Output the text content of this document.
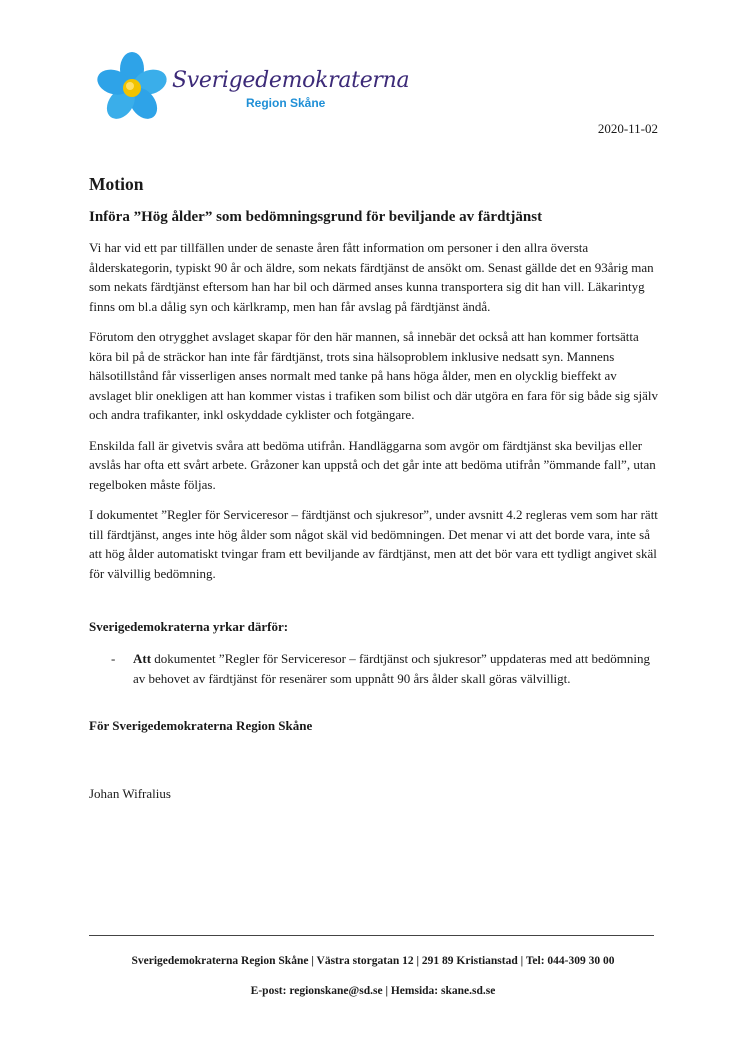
Sverigedemokraterna
Region Skåne
2020-11-02
Motion
Införa ”Hög ålder” som bedömningsgrund för beviljande av färdtjänst

Vi har vid ett par tillfällen under de senaste åren fått information om personer i den allra översta ålderskategorin, typiskt 90 år och äldre, som nekats färdtjänst de ansökt om. Senast gällde det en 93årig man som nekats färdtjänst eftersom han har bil och därmed anses kunna transportera sig dit han vill. Läkarintyg finns om bl.a dålig syn och kärlkramp, men han får avslag på färdtjänst ändå.

Förutom den otrygghet avslaget skapar för den här mannen, så innebär det också att han kommer fortsätta köra bil på de sträckor han inte får färdtjänst, trots sina hälsoproblem inklusive nedsatt syn. Mannens hälsotillstånd får visserligen anses normalt med tanke på hans höga ålder, men en olycklig bieffekt av avslaget blir onekligen att han kommer vistas i trafiken som bilist och där utgöra en fara för sig både sig själv och andra trafikanter, inkl oskyddade cyklister och fotgängare.

Enskilda fall är givetvis svåra att bedöma utifrån. Handläggarna som avgör om färdtjänst ska beviljas eller avslås har ofta ett svårt arbete. Gråzoner kan uppstå och det går inte att bedöma utifrån ”ömmande fall”, utan regelboken måste följas.

I dokumentet ”Regler för Serviceresor – färdtjänst och sjukresor”, under avsnitt 4.2 regleras vem som har rätt till färdtjänst, anges inte hög ålder som något skäl vid bedömningen. Det menar vi att det borde vara, inte så att hög ålder automatiskt tvingar fram ett beviljande av färdtjänst, men att det bör vara ett tydligt angivet skäl för välvillig bedömning.

Sverigedemokraterna yrkar därför:
- Att dokumentet ”Regler för Serviceresor – färdtjänst och sjukresor” uppdateras med att bedömning av behovet av färdtjänst för resenärer som uppnått 90 års ålder skall göras välvilligt.
För Sverigedemokraterna Region Skåne
Johan Wifralius
Sverigedemokraterna Region Skåne | Västra storgatan 12 | 291 89 Kristianstad | Tel: 044-309 30 00
E-post: regionskane@sd.se | Hemsida: skane.sd.se
